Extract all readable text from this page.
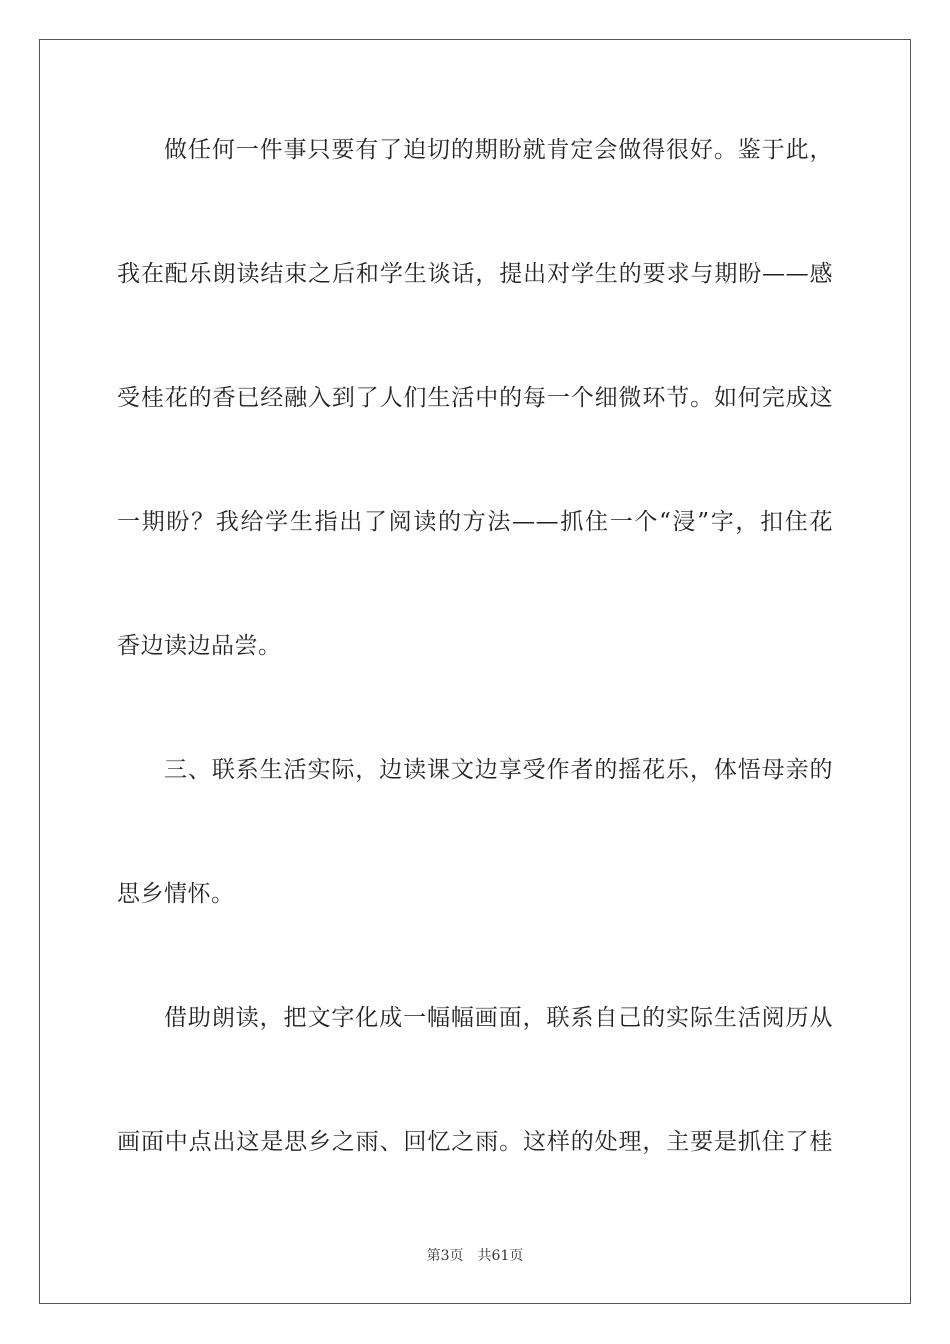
做任何一件事只要有了迫切的期盼就肯定会做得很好。鉴于此，
我在配乐朗读结束之后和学生谈话，提出对学生的要求与期盼——感
受桂花的香已经融入到了人们生活中的每一个细微环节。如何完成这
一期盼？我给学生指出了阅读的方法——抓住一个“浸”字，扣住花
香边读边品尝。
三、联系生活实际，边读课文边享受作者的摇花乐，体悟母亲的
思乡情怀。
借助朗读，把文字化成一幅幅画面，联系自己的实际生活阅历从
画面中点出这是思乡之雨、回忆之雨。这样的处理，主要是抓住了桂
第3页 共61页
